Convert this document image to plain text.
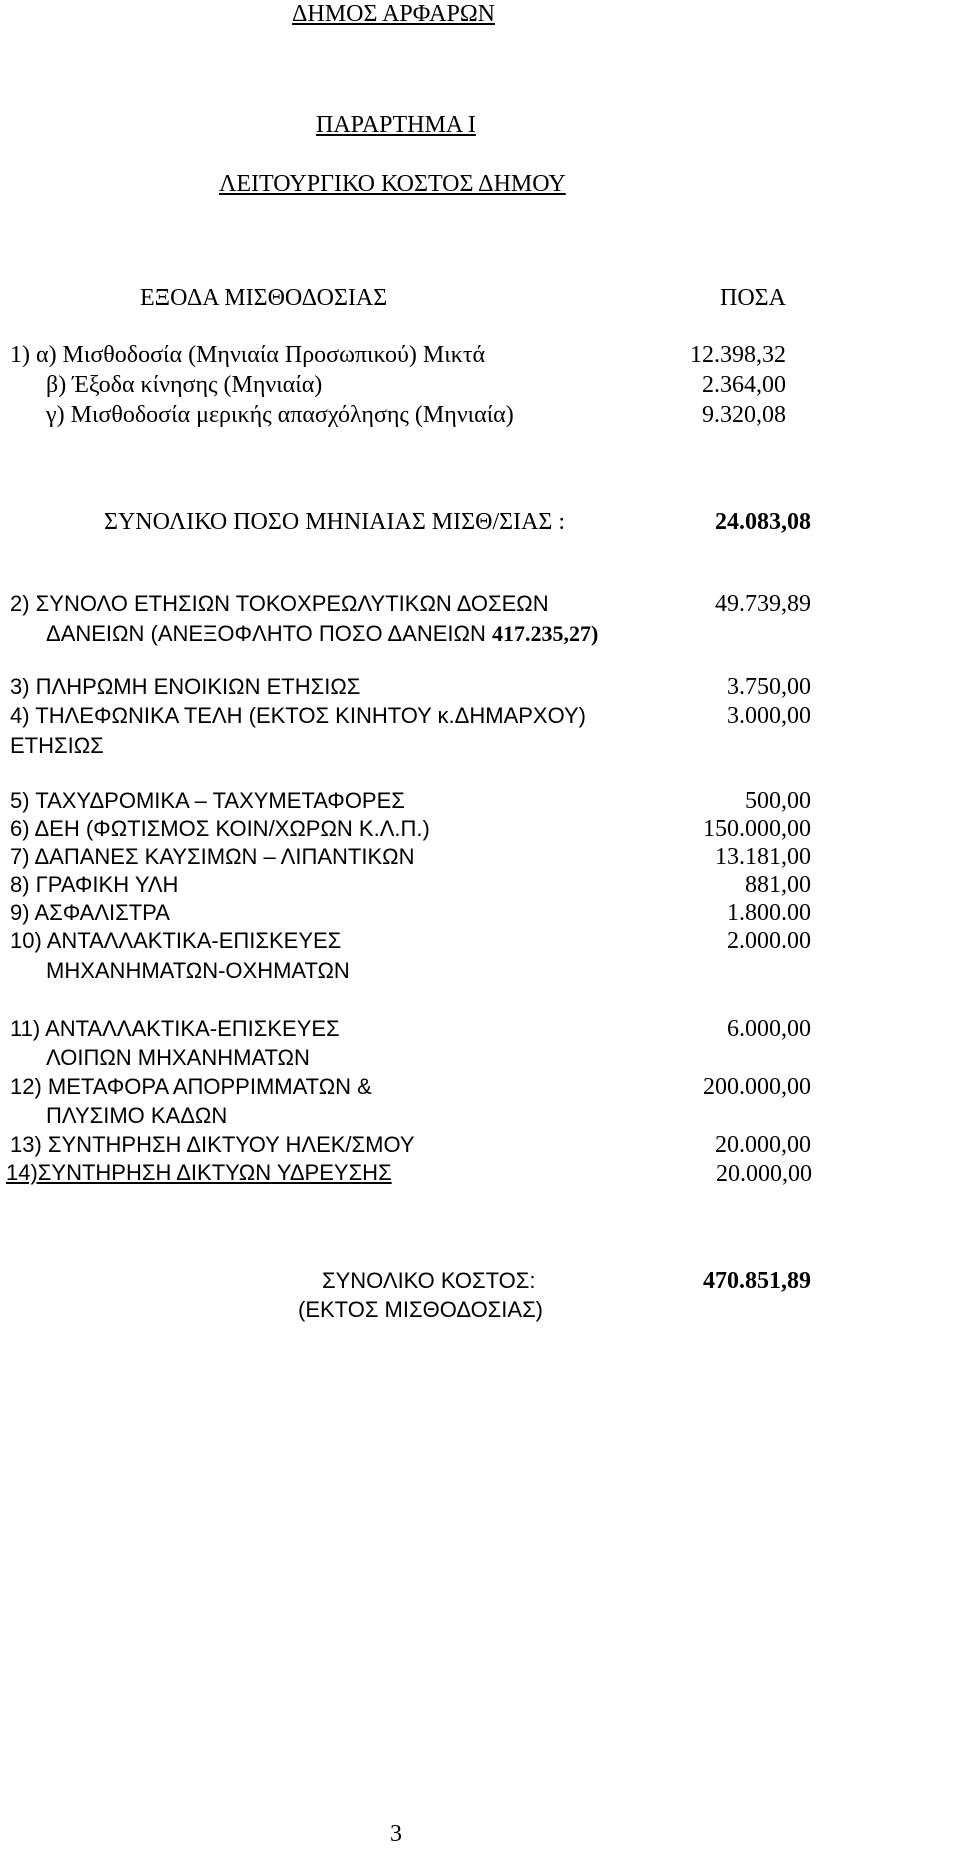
ΔΗΜΟΣ ΑΡΦΑΡΩΝ
ΠΑΡΑΡΤΗΜΑ Ι
ΛΕΙΤΟΥΡΓΙΚΟ ΚΟΣΤΟΣ ΔΗΜΟΥ
ΕΞΟΔΑ ΜΙΣΘΟΔΟΣΙΑΣ	ΠΟΣΑ
1) α) Μισθοδοσία (Μηνιαία Προσωπικού) Μικτά	12.398,32
β) Έξοδα κίνησης (Μηνιαία)	2.364,00
γ) Μισθοδοσία μερικής απασχόλησης (Μηνιαία)	9.320,08
ΣΥΝΟΛΙΚΟ ΠΟΣΟ ΜΗΝΙΑΙΑΣ ΜΙΣΘ/ΣΙΑΣ :	24.083,08
2) ΣΥΝΟΛΟ ΕΤΗΣΙΩΝ ΤΟΚΟΧΡΕΩΛΥΤΙΚΩΝ ΔΟΣΕΩΝ	49.739,89
ΔΑΝΕΙΩΝ (ΑΝΕΞΟΦΛΗΤΟ ΠΟΣΟ ΔΑΝΕΙΩΝ 417.235,27)
3) ΠΛΗΡΩΜΗ ΕΝΟΙΚΙΩΝ ΕΤΗΣΙΩΣ	3.750,00
4) ΤΗΛΕΦΩΝΙΚΑ ΤΕΛΗ (ΕΚΤΟΣ ΚΙΝΗΤΟΥ κ.ΔΗΜΑΡΧΟΥ)	3.000,00
ΕΤΗΣΙΩΣ
5) ΤΑΧΥΔΡΟΜΙΚΑ – ΤΑΧΥΜΕΤΑΦΟΡΕΣ	500,00
6) ΔΕΗ (ΦΩΤΙΣΜΟΣ ΚΟΙΝ/ΧΩΡΩΝ Κ.Λ.Π.)	150.000,00
7) ΔΑΠΑΝΕΣ ΚΑΥΣΙΜΩΝ – ΛΙΠΑΝΤΙΚΩΝ	13.181,00
8) ΓΡΑΦΙΚΗ ΥΛΗ	881,00
9) ΑΣΦΑΛΙΣΤΡΑ	1.800.00
10) ΑΝΤΑΛΛΑΚΤΙΚΑ-ΕΠΙΣΚΕΥΕΣ	2.000.00
ΜΗΧΑΝΗΜΑΤΩΝ-ΟΧΗΜΑΤΩΝ
11) ΑΝΤΑΛΛΑΚΤΙΚΑ-ΕΠΙΣΚΕΥΕΣ	6.000,00
ΛΟΙΠΩΝ ΜΗΧΑΝΗΜΑΤΩΝ
12) ΜΕΤΑΦΟΡΑ ΑΠΟΡΡΙΜΜΑΤΩΝ &	200.000,00
ΠΛΥΣΙΜΟ ΚΑΔΩΝ
13) ΣΥΝΤΗΡΗΣΗ ΔΙΚΤΥΟΥ ΗΛΕΚ/ΣΜΟΥ	20.000,00
14)ΣΥΝΤΗΡΗΣΗ ΔΙΚΤΥΩΝ ΥΔΡΕΥΣΗΣ	20.000,00
ΣΥΝΟΛΙΚΟ ΚΟΣΤΟΣ:	470.851,89
(ΕΚΤΟΣ ΜΙΣΘΟΔΟΣΙΑΣ)
3
